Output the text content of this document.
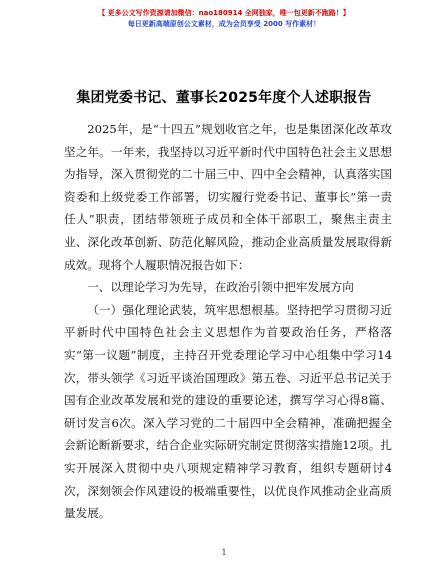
【 更多公文写作资源请加微信：nao180914 全网独家，唯一包更新不跑路！】
每日更新高端原创公文素材，成为会员享受 2000 写作素材！
集团党委书记、董事长2025年度个人述职报告

2025年，是“十四五”规划收官之年，也是集团深化改革攻坚之年。一年来，我坚持以习近平新时代中国特色社会主义思想为指导，深入贯彻党的二十届三中、四中全会精神，认真落实国资委和上级党委工作部署，切实履行党委书记、董事长“第一责任人”职责，团结带领班子成员和全体干部职工，聚焦主责主业、深化改革创新、防范化解风险，推动企业高质量发展取得新成效。现将个人履职情况报告如下：

一、以理论学习为先导，在政治引领中把牢发展方向

（一）强化理论武装，筑牢思想根基。坚持把学习贯彻习近平新时代中国特色社会主义思想作为首要政治任务，严格落实“第一议题”制度，主持召开党委理论学习中心组集中学习14次，带头领学《习近平谈治国理政》第五卷、习近平总书记关于国有企业改革发展和党的建设的重要论述，撰写学习心得8篇、研讨发言6次。深入学习党的二十届四中全会精神，准确把握全会新论断新要求，结合企业实际研究制定贯彻落实措施12项。扎实开展深入贯彻中央八项规定精神学习教育，组织专题研讨4次，深刻领会作风建设的极端重要性，以优良作风推动企业高质量发展。

1
